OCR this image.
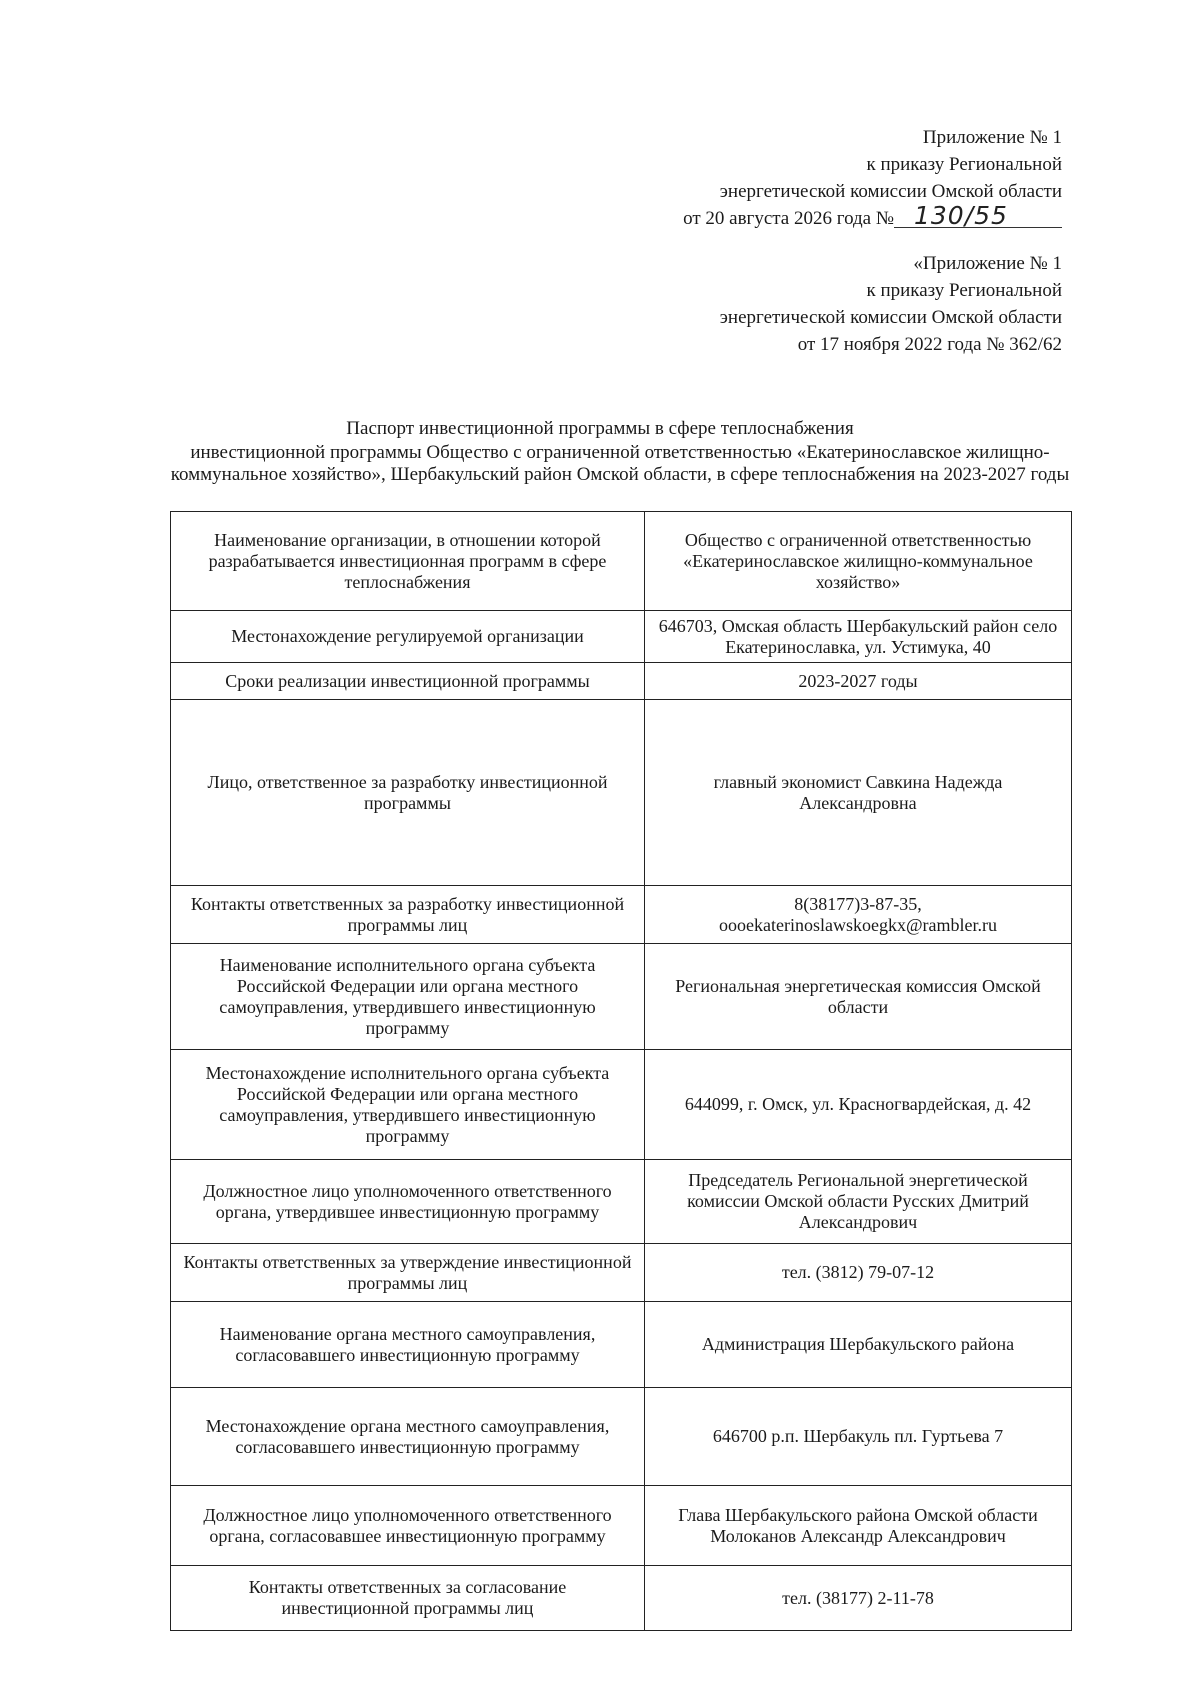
Приложение № 1
к приказу Региональной
энергетической комиссии Омской области
от 20 августа 2026 года № 130/55
«Приложение № 1
к приказу Региональной
энергетической комиссии Омской области
от 17 ноября 2022 года № 362/62
Паспорт инвестиционной программы в сфере теплоснабжения
инвестиционной программы Общество с ограниченной ответственностью «Екатеринославское жилищно-коммунальное хозяйство», Шербакульский район Омской области, в сфере теплоснабжения на 2023-2027 годы
Наименование организации, в отношении которой разрабатывается инвестиционная программ в сфере теплоснабжения	Общество с ограниченной ответственностью «Екатеринославское жилищно-коммунальное хозяйство»
Местонахождение регулируемой организации	646703, Омская область Шербакульский район село Екатеринославка, ул. Устимука, 40
Сроки реализации инвестиционной программы	2023-2027 годы
Лицо, ответственное за разработку инвестиционной программы	главный экономист Савкина Надежда Александровна
Контакты ответственных за разработку инвестиционной программы лиц	8(38177)3-87-35, oooekaterinoslawskoegkx@rambler.ru
Наименование исполнительного органа субъекта Российской Федерации или органа местного самоуправления, утвердившего инвестиционную программу	Региональная энергетическая комиссия Омской области
Местонахождение исполнительного органа субъекта Российской Федерации или органа местного самоуправления, утвердившего инвестиционную программу	644099, г. Омск, ул. Красногвардейская, д. 42
Должностное лицо уполномоченного ответственного органа, утвердившее инвестиционную программу	Председатель Региональной энергетической комиссии Омской области Русских Дмитрий Александрович
Контакты ответственных за утверждение инвестиционной программы лиц	тел. (3812) 79-07-12
Наименование органа местного самоуправления, согласовавшего инвестиционную программу	Администрация Шербакульского района
Местонахождение органа местного самоуправления, согласовавшего инвестиционную программу	646700 р.п. Шербакуль пл. Гуртьева 7
Должностное лицо уполномоченного ответственного органа, согласовавшее инвестиционную программу	Глава Шербакульского района Омской области Молоканов Александр Александрович
Контакты ответственных за согласование инвестиционной программы лиц	тел. (38177) 2-11-78
